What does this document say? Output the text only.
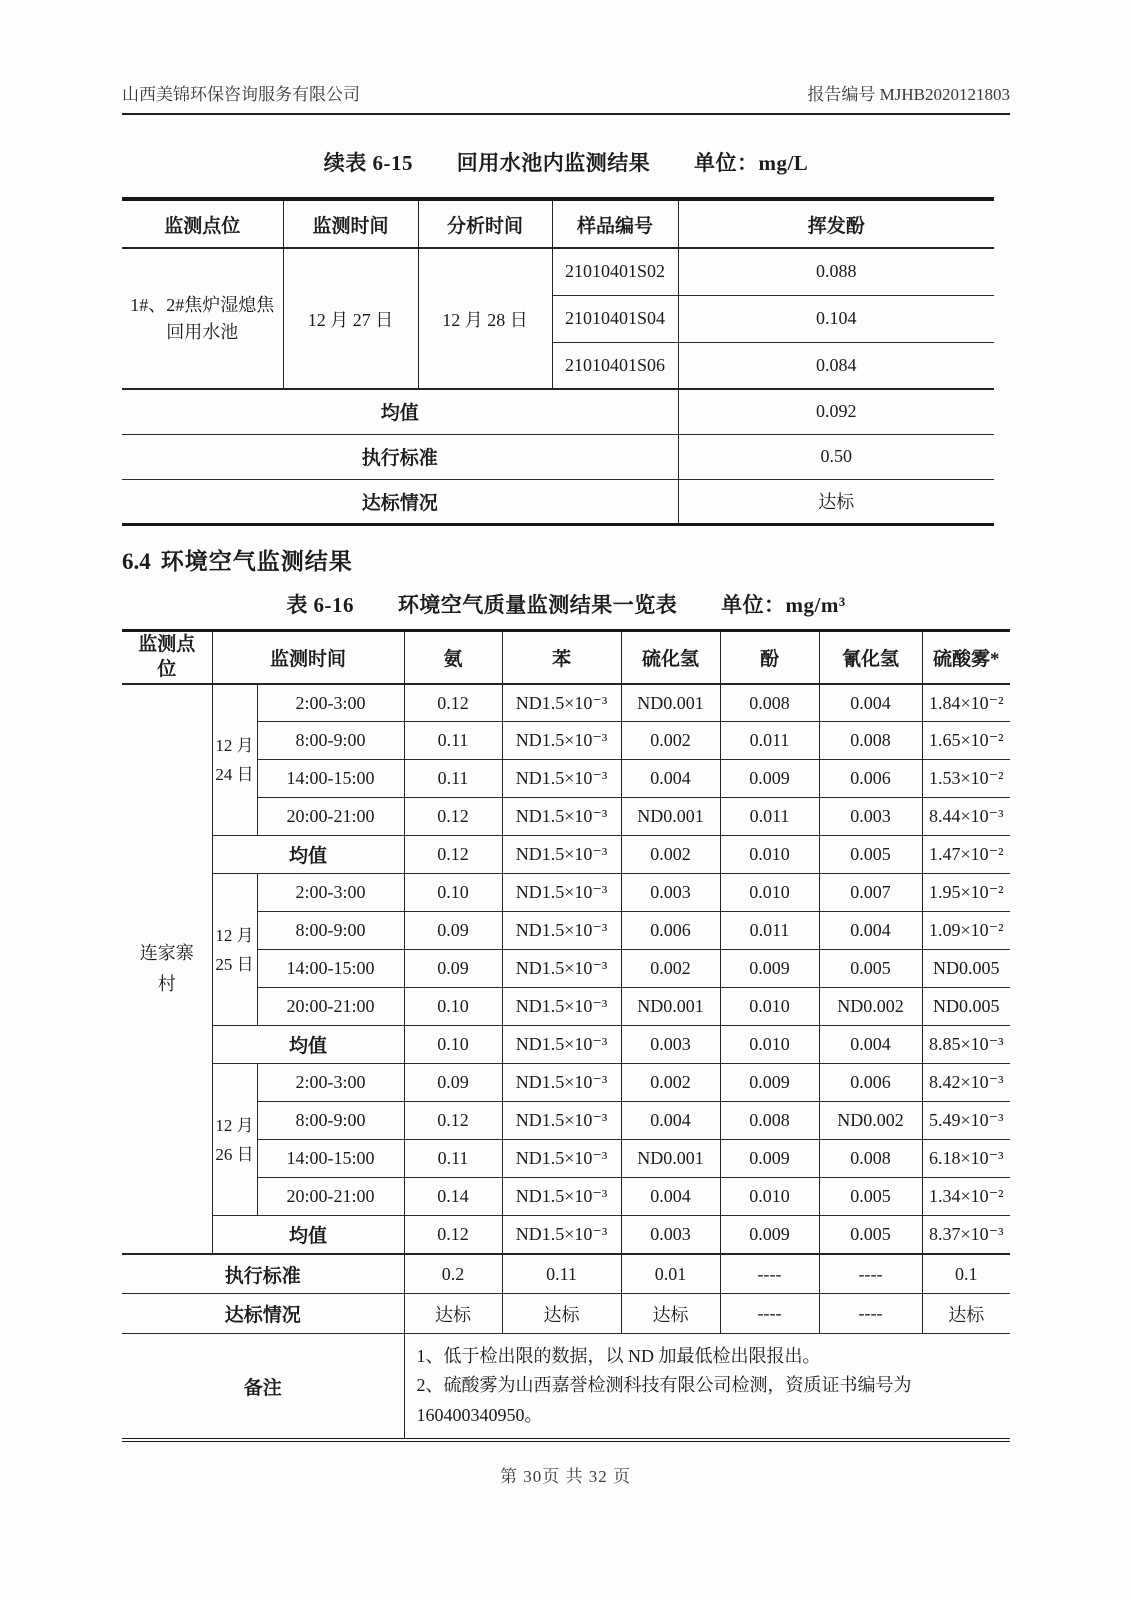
山西美锦环保咨询服务有限公司	报告编号 MJHB2020121803
续表 6-15 回用水池内监测结果 单位：mg/L
监测点位	监测时间	分析时间	样品编号	挥发酚
1#、2#焦炉湿熄焦回用水池	12 月 27 日	12 月 28 日	21010401S02	0.088
			21010401S04	0.104
			21010401S06	0.084
均值				0.092
执行标准				0.50
达标情况				达标
6.4 环境空气监测结果
表 6-16 环境空气质量监测结果一览表 单位：mg/m³
监测点位	监测时间		氨	苯	硫化氢	酚	氰化氢	硫酸雾*
连家寨村	12 月 24 日	2:00-3:00	0.12	ND1.5×10⁻³	ND0.001	0.008	0.004	1.84×10⁻²
		8:00-9:00	0.11	ND1.5×10⁻³	0.002	0.011	0.008	1.65×10⁻²
		14:00-15:00	0.11	ND1.5×10⁻³	0.004	0.009	0.006	1.53×10⁻²
		20:00-21:00	0.12	ND1.5×10⁻³	ND0.001	0.011	0.003	8.44×10⁻³
	均值		0.12	ND1.5×10⁻³	0.002	0.010	0.005	1.47×10⁻²
	12 月 25 日	2:00-3:00	0.10	ND1.5×10⁻³	0.003	0.010	0.007	1.95×10⁻²
		8:00-9:00	0.09	ND1.5×10⁻³	0.006	0.011	0.004	1.09×10⁻²
		14:00-15:00	0.09	ND1.5×10⁻³	0.002	0.009	0.005	ND0.005
		20:00-21:00	0.10	ND1.5×10⁻³	ND0.001	0.010	ND0.002	ND0.005
	均值		0.10	ND1.5×10⁻³	0.003	0.010	0.004	8.85×10⁻³
	12 月 26 日	2:00-3:00	0.09	ND1.5×10⁻³	0.002	0.009	0.006	8.42×10⁻³
		8:00-9:00	0.12	ND1.5×10⁻³	0.004	0.008	ND0.002	5.49×10⁻³
		14:00-15:00	0.11	ND1.5×10⁻³	ND0.001	0.009	0.008	6.18×10⁻³
		20:00-21:00	0.14	ND1.5×10⁻³	0.004	0.010	0.005	1.34×10⁻²
	均值		0.12	ND1.5×10⁻³	0.003	0.009	0.005	8.37×10⁻³
执行标准			0.2	0.11	0.01	----	----	0.1
达标情况			达标	达标	达标	----	----	达标
备注			1、低于检出限的数据，以 ND 加最低检出限报出。
2、硫酸雾为山西嘉誉检测科技有限公司检测，资质证书编号为 160400340950。					
第 30页 共 32 页
